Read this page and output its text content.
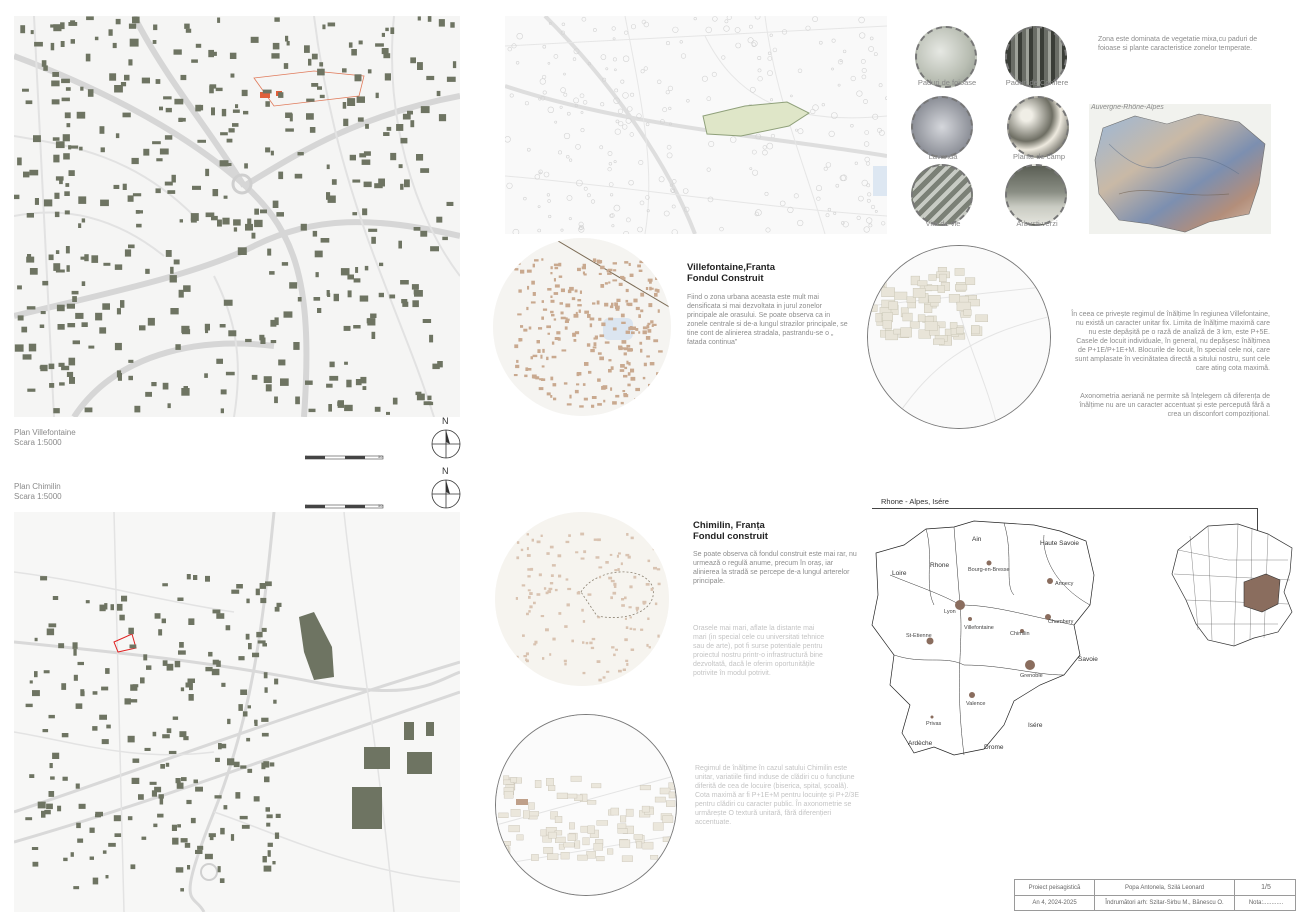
Plan Villefontaine
Scara 1:5000
N
0	50
Plan Chimilin
Scara 1:5000
N
0	50
Paduri de foioase	Paduri de Conifere
Lavanda	Plante de camp
Vita de vie	Arbusti verzi
Zona este dominata de vegetatie mixa,cu paduri de foioase si plante caracteristice zonelor temperate.
Auvergne-Rhône-Alpes
Villefontaine,Franta
Fondul Construit
Fiind o zona urbana aceasta este mult mai densificata si mai dezvoltata in jurul zonelor principale ale orasului. Se poate observa ca in zonele centrale si de-a lungul strazilor principale, se tine cont de alinierea stradala, pastrandu-se o „ fatada continua”
În ceea ce privește regimul de înălțime în regiunea Villefontaine, nu există un caracter unitar fix. Limita de înălțime maximă care nu este depășită pe o rază de analiză de 3 km, este P+5E. Casele de locuit individuale, în general, nu depășesc înălțimea de P+1E/P+1E+M. Blocurile de locuit, în special cele noi, care sunt amplasate în vecinătatea directă a sitului nostru, sunt cele care ating cota maximă.
Axonometria aeriană ne permite să înțelegem că diferența de înălțime nu are un caracter accentuat și este percepută fără a crea un disconfort compozițional.
Chimilin, Franța
Fondul construit
Se poate observa că fondul construit este mai rar, nu urmează o regulă anume, precum în oraș, iar alinierea la stradă se percepe de-a lungul arterelor principale.
Orasele mai mari, aflate la distante mai mari (in special cele cu universitati tehnice sau de arte), pot fi surse potentiale pentru proiectul nostru printr-o infrastructură bine dezvoltată, dacă le oferim oportunitățile potrivite în modul potrivit.
Regimul de înălțime în cazul satului Chimilin este unitar, variatiile fiind induse de clădiri cu o funcțiune diferită de cea de locuire (biserica, spital, școală). Cota maximă ar fi P+1E+M pentru locuințe și P+2/3E pentru clădiri cu caracter public. În axonometrie se urmărește O textură unitară, fără diferențieri accentuate.
Rhone - Alpes, Isére
Ain
Rhone
Loire
Haute Savoie
Savoie
Isére
Ardèche
Drome
Bourg-en-Bresse
Annecy
Lyon
St-Etienne
Villefontaine
Chimilin
Chambery
Grenoble
Valence
Privas
Proiect peisagistică	Popa Antonela, Szilá Leonard	1/5
An 4, 2024-2025	Îndrumători arh: Szitar-Sirbu M., Bănescu O.	Nota:............
